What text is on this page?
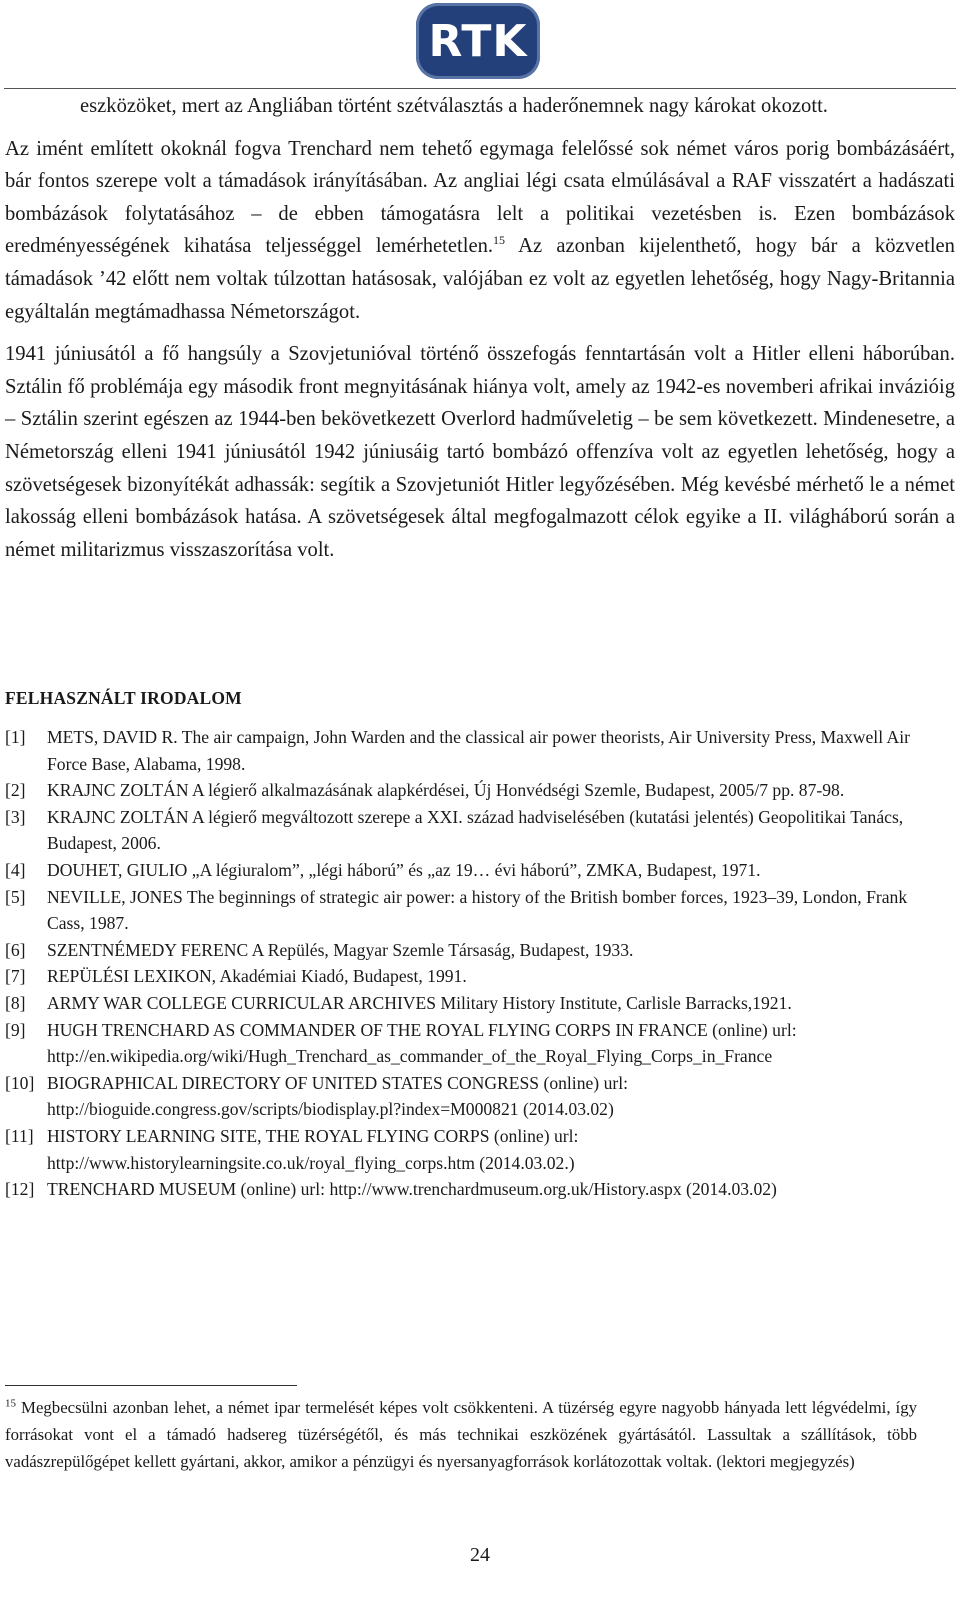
RTK

eszközöket, mert az Angliában történt szétválasztás a haderőnemnek nagy károkat okozott.

Az imént említett okoknál fogva Trenchard nem tehető egymaga felelőssé sok német város porig bombázásáért, bár fontos szerepe volt a támadások irányításában. Az angliai légi csata elmúlásával a RAF visszatért a hadászati bombázások folytatásához – de ebben támogatásra lelt a politikai vezetésben is. Ezen bombázások eredményességének kihatása teljességgel lemérhetetlen.$^{15}$ Az azonban kijelenthető, hogy bár a közvetlen támadások ’42 előtt nem voltak túlzottan hatásosak, valójában ez volt az egyetlen lehetőség, hogy Nagy-Britannia egyáltalán megtámadhassa Németországot.

1941 júniusától a fő hangsúly a Szovjetunióval történő összefogás fenntartásán volt a Hitler elleni háborúban. Sztálin fő problémája egy második front megnyitásának hiánya volt, amely az 1942-es novemberi afrikai invázióig – Sztálin szerint egészen az 1944-ben bekövetkezett Overlord hadműveletig – be sem következett. Mindenesetre, a Németország elleni 1941 júniusától 1942 júniusáig tartó bombázó offenzíva volt az egyetlen lehetőség, hogy a szövetségesek bizonyítékát adhassák: segítik a Szovjetuniót Hitler legyőzésében. Még kevésbé mérhető le a német lakosság elleni bombázások hatása. A szövetségesek által megfogalmazott célok egyike a II. világháború során a német militarizmus visszaszorítása volt.

FELHASZNÁLT IRODALOM
[1]	METS, DAVID R. The air campaign, John Warden and the classical air power theorists, Air University Press, Maxwell Air Force Base, Alabama, 1998.
[2]	KRAJNC ZOLTÁN A légierő alkalmazásának alapkérdései, Új Honvédségi Szemle, Budapest, 2005/7 pp. 87-98.
[3]	KRAJNC ZOLTÁN A légierő megváltozott szerepe a XXI. század hadviselésében (kutatási jelentés) Geopolitikai Tanács, Budapest, 2006.
[4]	DOUHET, GIULIO „A légiuralom”, „légi háború” és „az 19… évi háború”, ZMKA, Budapest, 1971.
[5]	NEVILLE, JONES The beginnings of strategic air power: a history of the British bomber forces, 1923–39, London, Frank Cass, 1987.
[6]	SZENTNÉMEDY FERENC A Repülés, Magyar Szemle Társaság, Budapest, 1933.
[7]	REPÜLÉSI LEXIKON, Akadémiai Kiadó, Budapest, 1991.
[8]	ARMY WAR COLLEGE CURRICULAR ARCHIVES Military History Institute, Carlisle Barracks,1921.
[9]	HUGH TRENCHARD AS COMMANDER OF THE ROYAL FLYING CORPS IN FRANCE (online) url: http://en.wikipedia.org/wiki/Hugh_Trenchard_as_commander_of_the_Royal_Flying_Corps_in_France
[10] BIOGRAPHICAL DIRECTORY OF UNITED STATES CONGRESS (online) url: http://bioguide.congress.gov/scripts/biodisplay.pl?index=M000821 (2014.03.02)
[11] HISTORY LEARNING SITE, THE ROYAL FLYING CORPS (online) url: http://www.historylearningsite.co.uk/royal_flying_corps.htm (2014.03.02.)
[12] TRENCHARD MUSEUM (online) url: http://www.trenchardmuseum.org.uk/History.aspx (2014.03.02)

$^{15}$ Megbecsülni azonban lehet, a német ipar termelését képes volt csökkenteni. A tüzérség egyre nagyobb hányada lett légvédelmi, így forrásokat vont el a támadó hadsereg tüzérségétől, és más technikai eszközének gyártásától. Lassultak a szállítások, több vadászrepülőgépet kellett gyártani, akkor, amikor a pénzügyi és nyersanyagforrások korlátozottak voltak. (lektori megjegyzés)

24
